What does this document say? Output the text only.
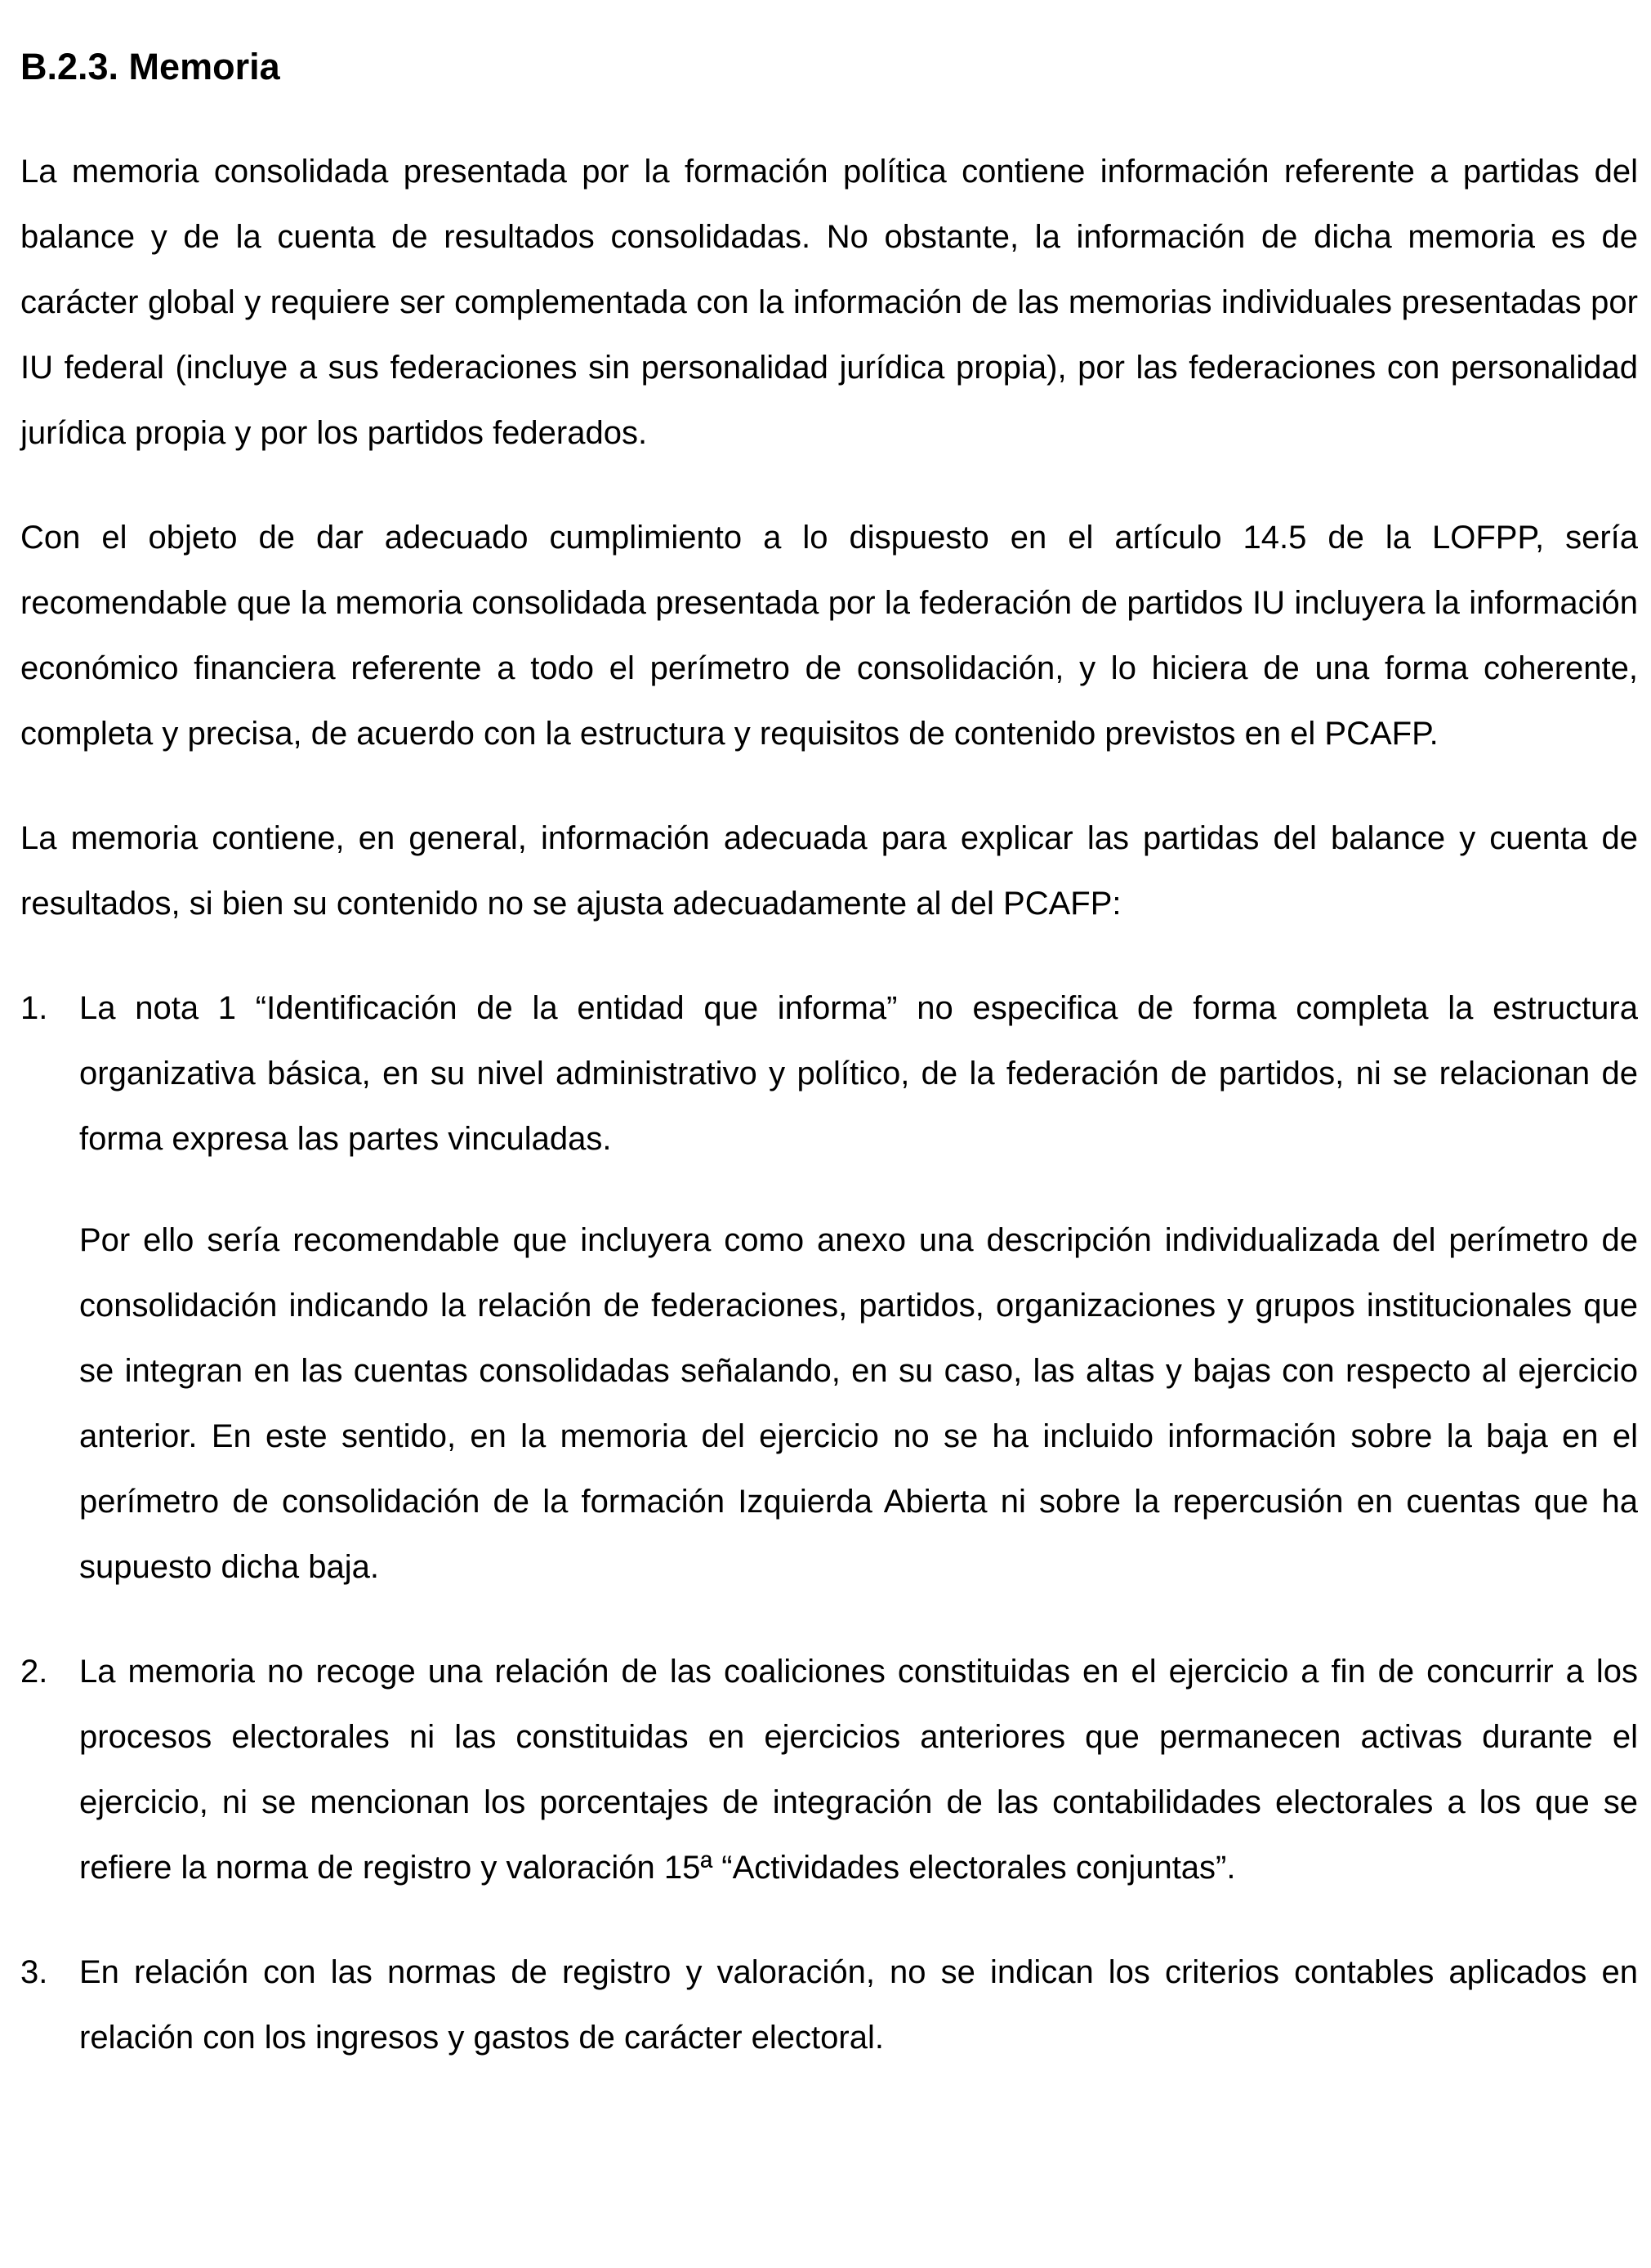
B.2.3. Memoria

La memoria consolidada presentada por la formación política contiene información referente a partidas del balance y de la cuenta de resultados consolidadas. No obstante, la información de dicha memoria es de carácter global y requiere ser complementada con la información de las memorias individuales presentadas por IU federal (incluye a sus federaciones sin personalidad jurídica propia), por las federaciones con personalidad jurídica propia y por los partidos federados.

Con el objeto de dar adecuado cumplimiento a lo dispuesto en el artículo 14.5 de la LOFPP, sería recomendable que la memoria consolidada presentada por la federación de partidos IU incluyera la información económico financiera referente a todo el perímetro de consolidación, y lo hiciera de una forma coherente, completa y precisa, de acuerdo con la estructura y requisitos de contenido previstos en el PCAFP.

La memoria contiene, en general, información adecuada para explicar las partidas del balance y cuenta de resultados, si bien su contenido no se ajusta adecuadamente al del PCAFP:

1. La nota 1 “Identificación de la entidad que informa” no especifica de forma completa la estructura organizativa básica, en su nivel administrativo y político, de la federación de partidos, ni se relacionan de forma expresa las partes vinculadas.

Por ello sería recomendable que incluyera como anexo una descripción individualizada del perímetro de consolidación indicando la relación de federaciones, partidos, organizaciones y grupos institucionales que se integran en las cuentas consolidadas señalando, en su caso, las altas y bajas con respecto al ejercicio anterior. En este sentido, en la memoria del ejercicio no se ha incluido información sobre la baja en el perímetro de consolidación de la formación Izquierda Abierta ni sobre la repercusión en cuentas que ha supuesto dicha baja.

2. La memoria no recoge una relación de las coaliciones constituidas en el ejercicio a fin de concurrir a los procesos electorales ni las constituidas en ejercicios anteriores que permanecen activas durante el ejercicio, ni se mencionan los porcentajes de integración de las contabilidades electorales a los que se refiere la norma de registro y valoración 15ª “Actividades electorales conjuntas”.

3. En relación con las normas de registro y valoración, no se indican los criterios contables aplicados en relación con los ingresos y gastos de carácter electoral.
